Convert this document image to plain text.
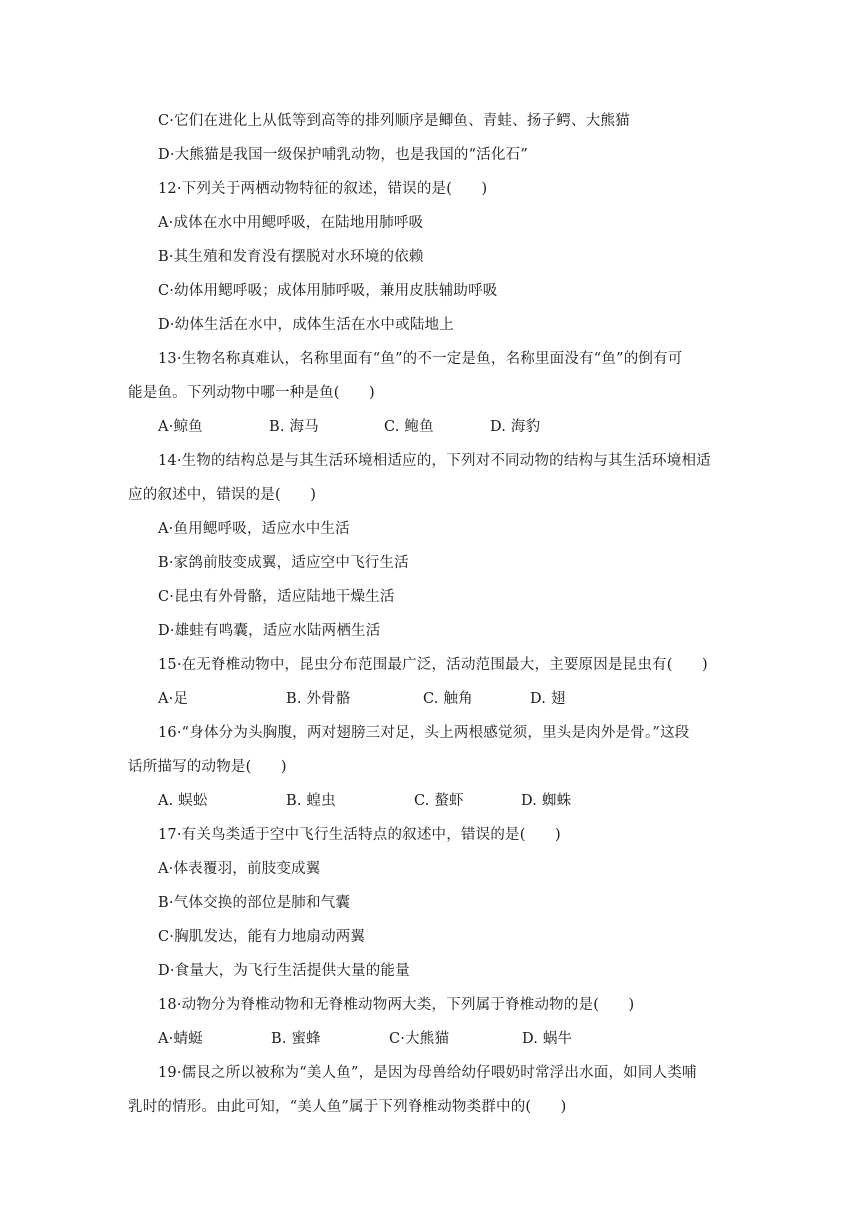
C·它们在进化上从低等到高等的排列顺序是鲫鱼、青蛙、扬子鳄、大熊猫
D·大熊猫是我国一级保护哺乳动物，也是我国的“活化石”
12·下列关于两栖动物特征的叙述，错误的是(　　)
A·成体在水中用鳃呼吸，在陆地用肺呼吸
B·其生殖和发育没有摆脱对水环境的依赖
C·幼体用鳃呼吸；成体用肺呼吸，兼用皮肤辅助呼吸
D·幼体生活在水中，成体生活在水中或陆地上
13·生物名称真难认，名称里面有“鱼”的不一定是鱼，名称里面没有“鱼”的倒有可
能是鱼。下列动物中哪一种是鱼(　　)
A·鲸鱼	B. 海马	C. 鲍鱼	D. 海豹
14·生物的结构总是与其生活环境相适应的，下列对不同动物的结构与其生活环境相适
应的叙述中，错误的是(　　)
A·鱼用鳃呼吸，适应水中生活
B·家鸽前肢变成翼，适应空中飞行生活
C·昆虫有外骨骼，适应陆地干燥生活
D·雄蛙有鸣囊，适应水陆两栖生活
15·在无脊椎动物中，昆虫分布范围最广泛，活动范围最大，主要原因是昆虫有(　　)
A·足	B. 外骨骼	C. 触角	D. 翅
16·“身体分为头胸腹，两对翅膀三对足，头上两根感觉须，里头是肉外是骨。”这段
话所描写的动物是(　　)
A. 蜈蚣	B. 蝗虫	C. 螯虾	D. 蜘蛛
17·有关鸟类适于空中飞行生活特点的叙述中，错误的是(　　)
A·体表覆羽，前肢变成翼
B·气体交换的部位是肺和气囊
C·胸肌发达，能有力地扇动两翼
D·食量大，为飞行生活提供大量的能量
18·动物分为脊椎动物和无脊椎动物两大类，下列属于脊椎动物的是(　　)
A·蜻蜓	B. 蜜蜂	C·大熊猫	D. 蜗牛
19·儒艮之所以被称为“美人鱼”，是因为母兽给幼仔喂奶时常浮出水面，如同人类哺
乳时的情形。由此可知，“美人鱼”属于下列脊椎动物类群中的(　　)
